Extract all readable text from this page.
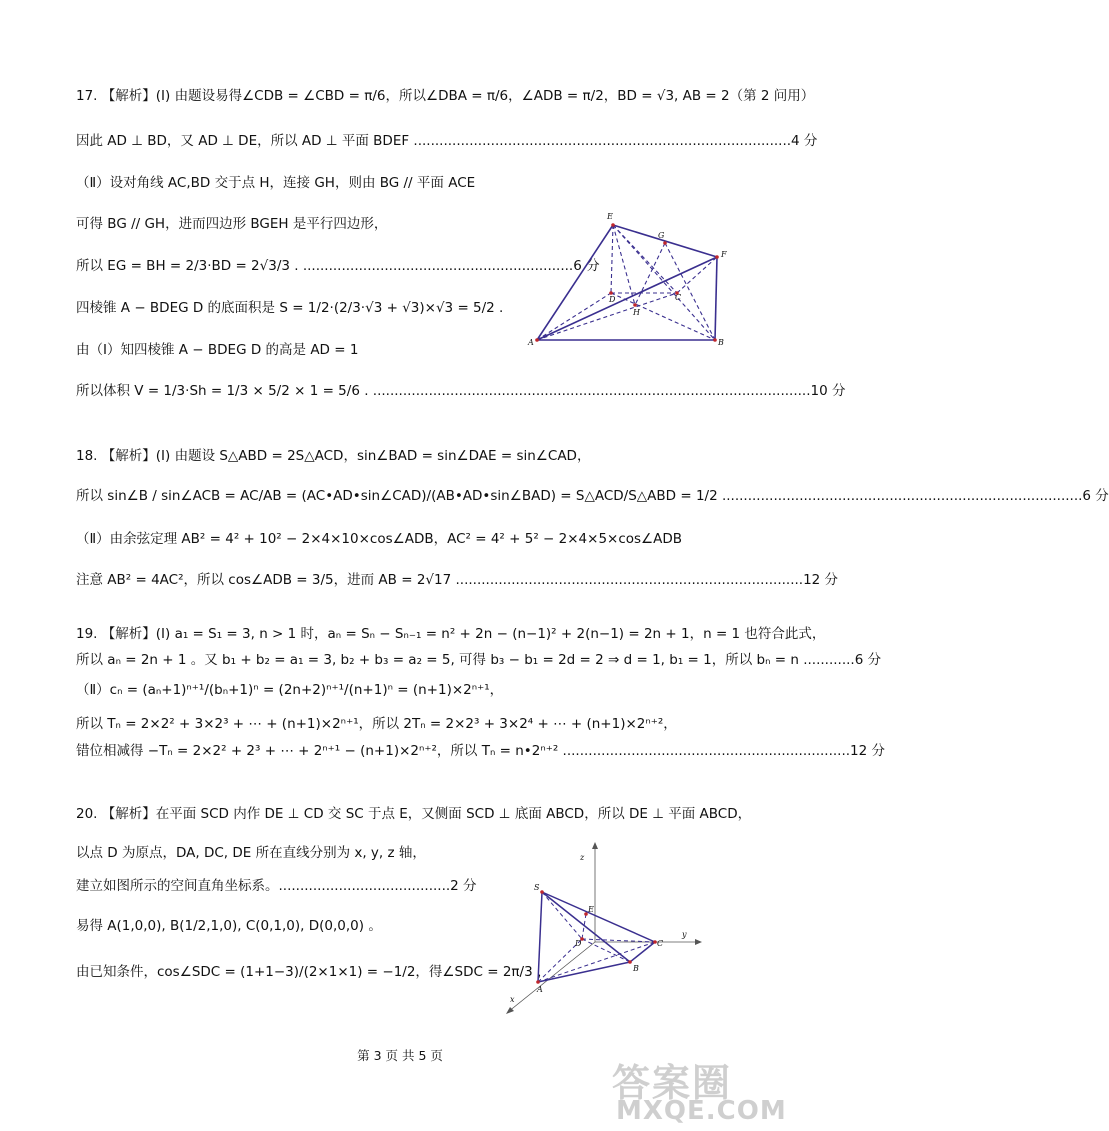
17. 【解析】(Ⅰ) 由题设易得∠CDB = ∠CBD = π/6，所以∠DBA = π/6，∠ADB = π/2，BD = √3, AB = 2（第 2 问用）
因此 AD ⊥ BD，又 AD ⊥ DE，所以 AD ⊥ 平面 BDEF ........................................................................................4 分
（Ⅱ）设对角线 AC,BD 交于点 H，连接 GH，则由 BG // 平面 ACE
可得 BG // GH，进而四边形 BGEH 是平行四边形，
所以 EG = BH = 2/3·BD = 2√3/3 . ...............................................................6 分
四棱锥 A − BDEG D 的底面积是 S = 1/2·(2/3·√3 + √3)×√3 = 5/2 .
由（Ⅰ）知四棱锥 A − BDEG D 的高是 AD = 1
所以体积 V = 1/3·Sh = 1/3 × 5/2 × 1 = 5/6 . ......................................................................................................10 分
18. 【解析】(Ⅰ) 由题设 S△ABD = 2S△ACD，sin∠BAD = sin∠DAE = sin∠CAD，
所以 sin∠B / sin∠ACB = AC/AB = (AC•AD•sin∠CAD)/(AB•AD•sin∠BAD) = S△ACD/S△ABD = 1/2 ....................................................................................6 分
（Ⅱ）由余弦定理 AB² = 4² + 10² − 2×4×10×cos∠ADB，AC² = 4² + 5² − 2×4×5×cos∠ADB
注意 AB² = 4AC²，所以 cos∠ADB = 3/5，进而 AB = 2√17 .................................................................................12 分
19. 【解析】(Ⅰ) a₁ = S₁ = 3, n > 1 时，aₙ = Sₙ − Sₙ₋₁ = n² + 2n − (n−1)² + 2(n−1) = 2n + 1，n = 1 也符合此式，
所以 aₙ = 2n + 1 。又 b₁ + b₂ = a₁ = 3, b₂ + b₃ = a₂ = 5, 可得 b₃ − b₁ = 2d = 2 ⇒ d = 1, b₁ = 1，所以 bₙ = n ............6 分
（Ⅱ）cₙ = (aₙ+1)ⁿ⁺¹/(bₙ+1)ⁿ = (2n+2)ⁿ⁺¹/(n+1)ⁿ = (n+1)×2ⁿ⁺¹，
所以 Tₙ = 2×2² + 3×2³ + ⋯ + (n+1)×2ⁿ⁺¹，所以 2Tₙ = 2×2³ + 3×2⁴ + ⋯ + (n+1)×2ⁿ⁺²，
错位相减得 −Tₙ = 2×2² + 2³ + ⋯ + 2ⁿ⁺¹ − (n+1)×2ⁿ⁺²，所以 Tₙ = n•2ⁿ⁺² ...................................................................12 分
20. 【解析】在平面 SCD 内作 DE ⊥ CD 交 SC 于点 E，又侧面 SCD ⊥ 底面 ABCD，所以 DE ⊥ 平面 ABCD，
以点 D 为原点，DA, DC, DE 所在直线分别为 x, y, z 轴，
建立如图所示的空间直角坐标系。........................................2 分
易得 A(1,0,0), B(1/2,1,0), C(0,1,0), D(0,0,0) 。
由已知条件，cos∠SDC = (1+1−3)/(2×1×1) = −1/2，得∠SDC = 2π/3 ，
E
G
F
D	C
H
A	B
z
S
E
D	C
y
B
x
A
第 3 页 共 5 页
答案圈
MXQE.COM
